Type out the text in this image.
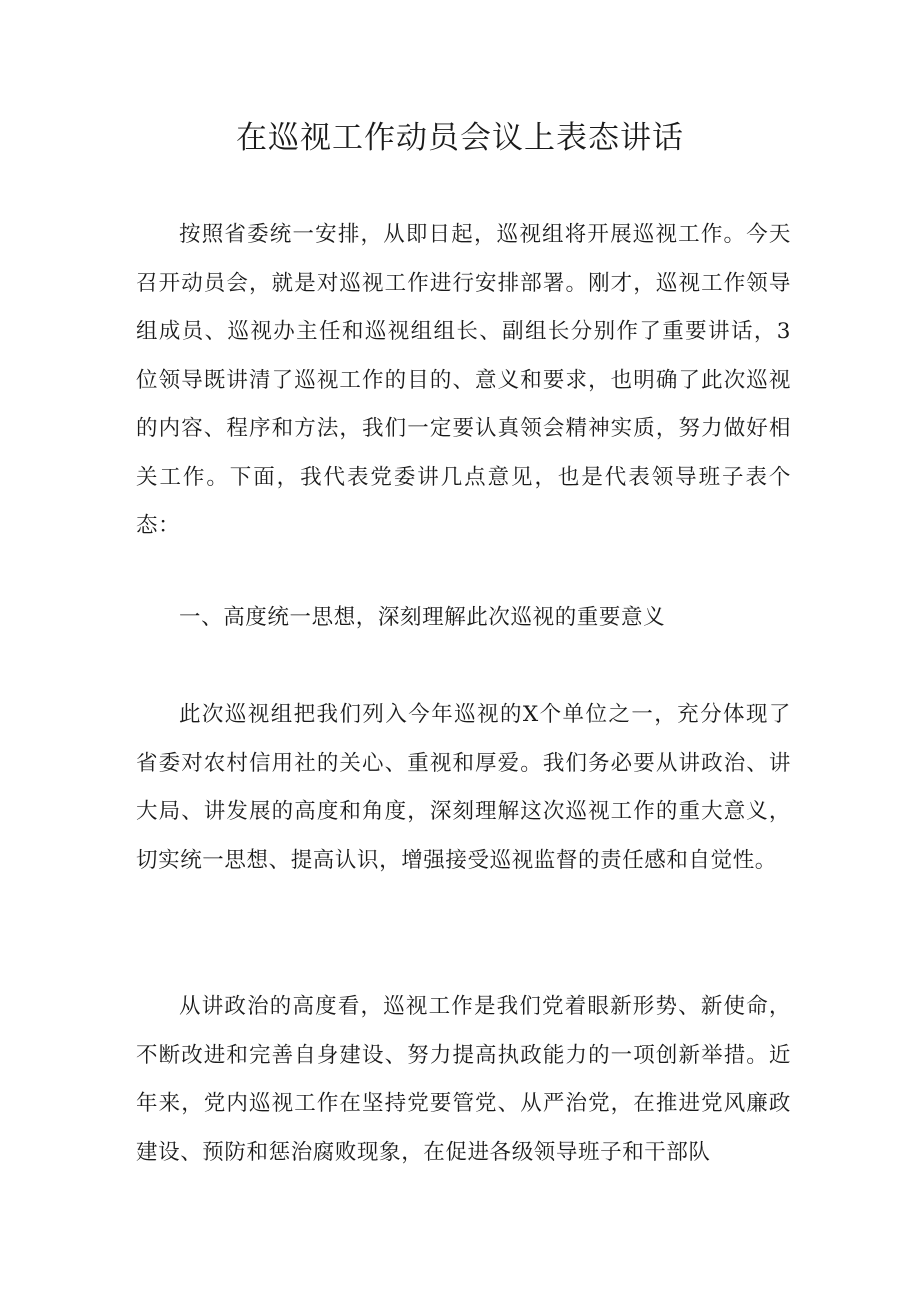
在巡视工作动员会议上表态讲话

按照省委统一安排，从即日起，巡视组将开展巡视工作。今天召开动员会，就是对巡视工作进行安排部署。刚才，巡视工作领导组成员、巡视办主任和巡视组组长、副组长分别作了重要讲话，3位领导既讲清了巡视工作的目的、意义和要求，也明确了此次巡视的内容、程序和方法，我们一定要认真领会精神实质，努力做好相关工作。下面，我代表党委讲几点意见，也是代表领导班子表个态：

一、高度统一思想，深刻理解此次巡视的重要意义

此次巡视组把我们列入今年巡视的X个单位之一，充分体现了省委对农村信用社的关心、重视和厚爱。我们务必要从讲政治、讲大局、讲发展的高度和角度，深刻理解这次巡视工作的重大意义，切实统一思想、提高认识，增强接受巡视监督的责任感和自觉性。

从讲政治的高度看，巡视工作是我们党着眼新形势、新使命，不断改进和完善自身建设、努力提高执政能力的一项创新举措。近年来，党内巡视工作在坚持党要管党、从严治党，在推进党风廉政建设、预防和惩治腐败现象，在促进各级领导班子和干部队
